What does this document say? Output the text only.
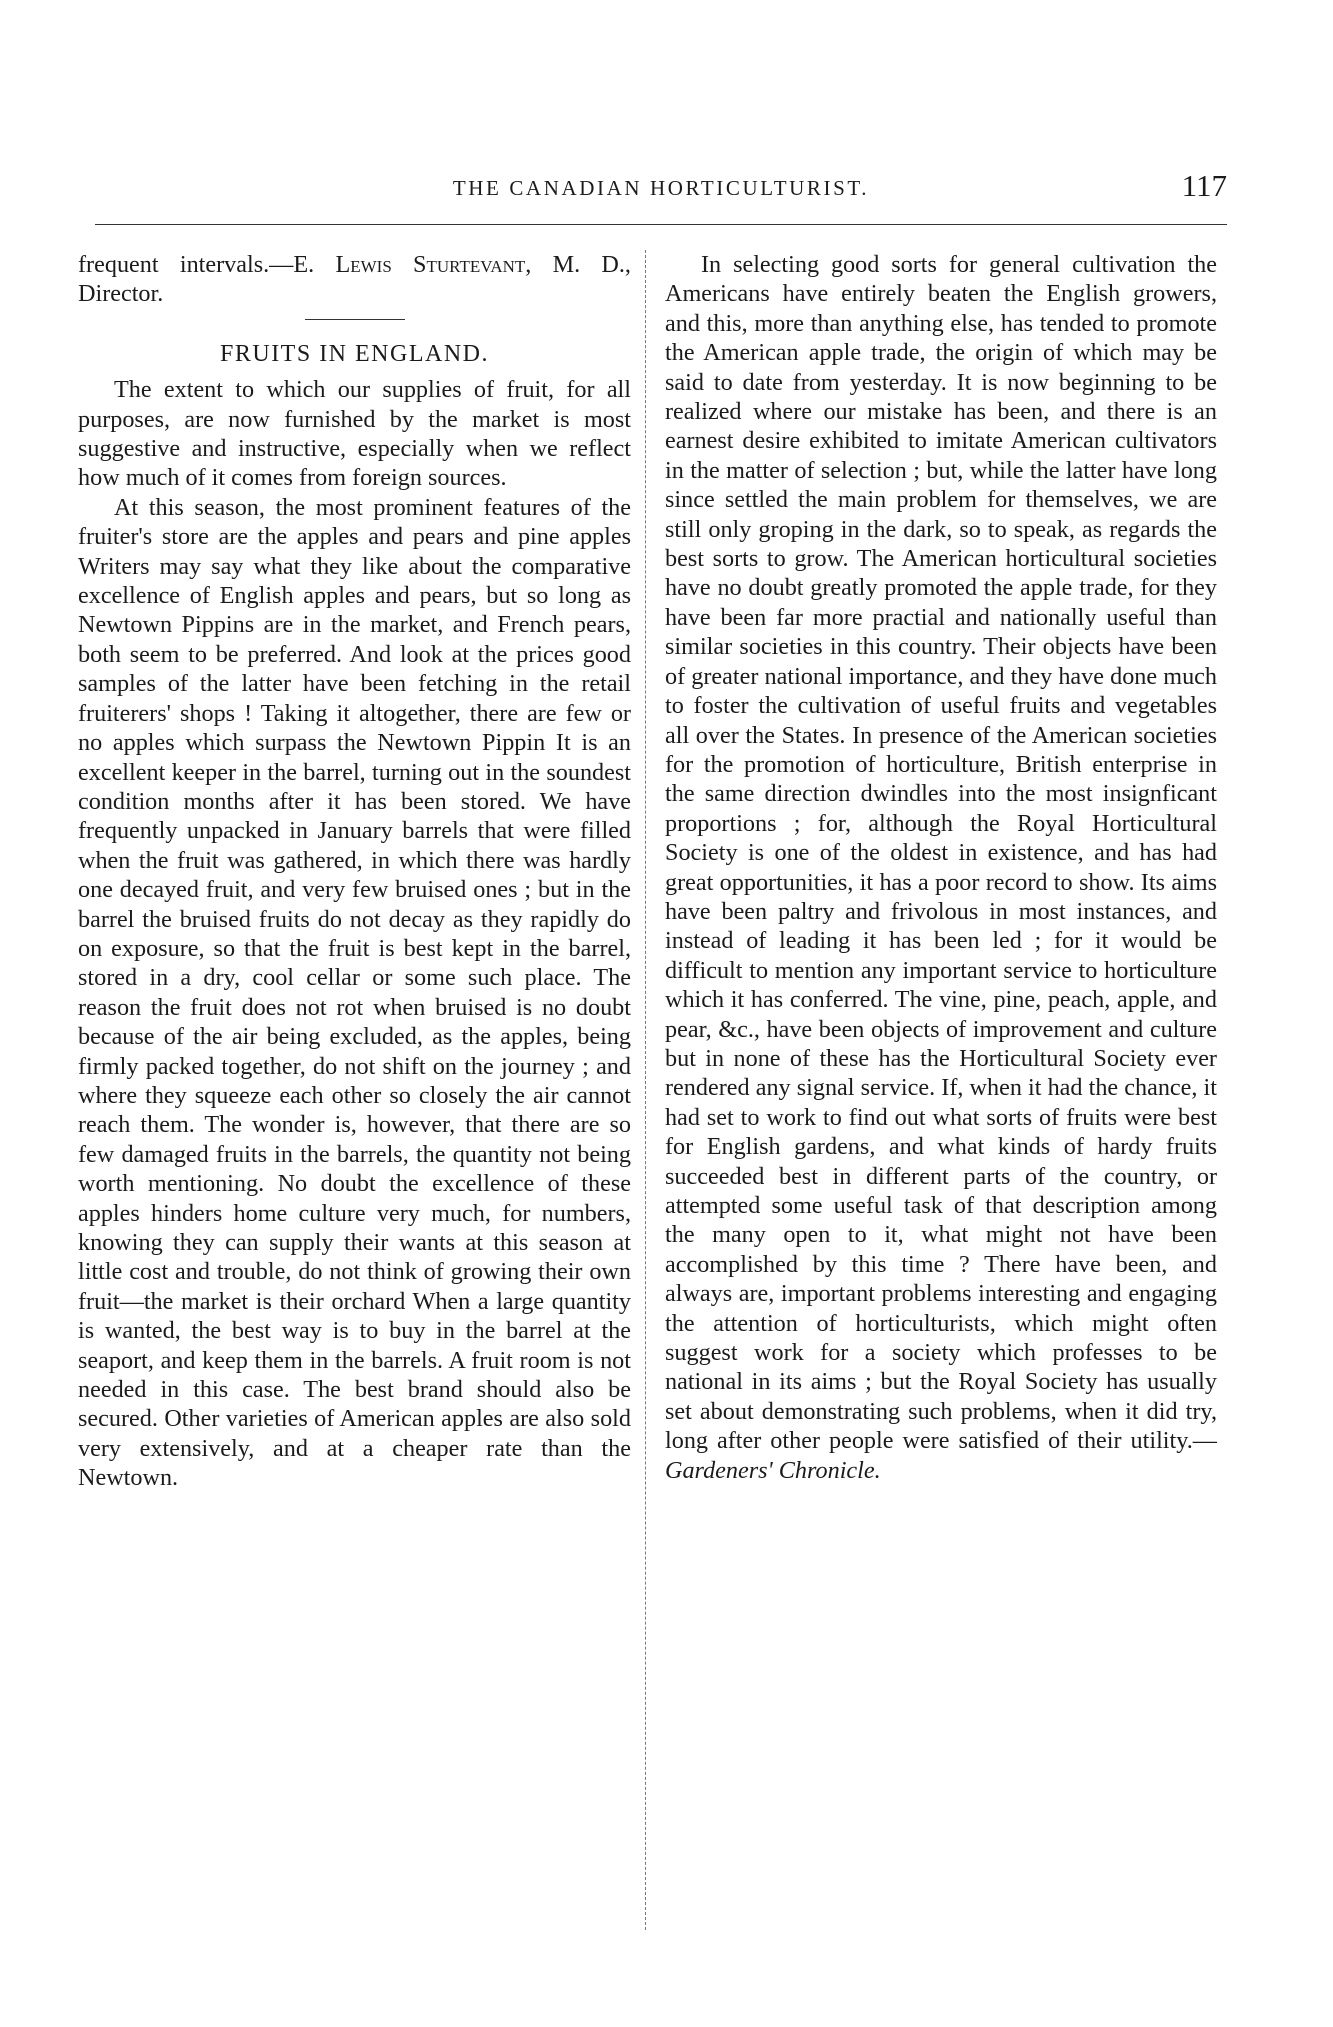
THE CANADIAN HORTICULTURIST.	117

frequent intervals.—E. Lewis Sturtevant, M. D., Director.

FRUITS IN ENGLAND.

The extent to which our supplies of fruit, for all purposes, are now furnished by the market is most suggestive and instructive, especially when we reflect how much of it comes from foreign sources.

At this season, the most prominent features of the fruiter's store are the apples and pears and pine apples Writers may say what they like about the comparative excellence of English apples and pears, but so long as Newtown Pippins are in the market, and French pears, both seem to be preferred. And look at the prices good samples of the latter have been fetching in the retail fruiterers' shops ! Taking it altogether, there are few or no apples which surpass the Newtown Pippin It is an excellent keeper in the barrel, turning out in the soundest condition months after it has been stored. We have frequently unpacked in January barrels that were filled when the fruit was gathered, in which there was hardly one decayed fruit, and very few bruised ones ; but in the barrel the bruised fruits do not decay as they rapidly do on exposure, so that the fruit is best kept in the barrel, stored in a dry, cool cellar or some such place. The reason the fruit does not rot when bruised is no doubt because of the air being excluded, as the apples, being firmly packed together, do not shift on the journey ; and where they squeeze each other so closely the air cannot reach them. The wonder is, however, that there are so few damaged fruits in the barrels, the quantity not being worth mentioning. No doubt the excellence of these apples hinders home culture very much, for numbers, knowing they can supply their wants at this season at little cost and trouble, do not think of growing their own fruit—the market is their orchard When a large quantity is wanted, the best way is to buy in the barrel at the seaport, and keep them in the barrels. A fruit room is not needed in this case. The best brand should also be secured. Other varieties of American apples are also sold very extensively, and at a cheaper rate than the Newtown.

In selecting good sorts for general cultivation the Americans have entirely beaten the English growers, and this, more than anything else, has tended to promote the American apple trade, the origin of which may be said to date from yesterday. It is now beginning to be realized where our mistake has been, and there is an earnest desire exhibited to imitate American cultivators in the matter of selection ; but, while the latter have long since settled the main problem for themselves, we are still only groping in the dark, so to speak, as regards the best sorts to grow. The American horticultural societies have no doubt greatly promoted the apple trade, for they have been far more practial and nationally useful than similar societies in this country. Their objects have been of greater national importance, and they have done much to foster the cultivation of useful fruits and vegetables all over the States. In presence of the American societies for the promotion of horticulture, British enterprise in the same direction dwindles into the most insignficant proportions ; for, although the Royal Horticultural Society is one of the oldest in existence, and has had great opportunities, it has a poor record to show. Its aims have been paltry and frivolous in most instances, and instead of leading it has been led ; for it would be difficult to mention any important service to horticulture which it has conferred. The vine, pine, peach, apple, and pear, &c., have been objects of improvement and culture but in none of these has the Horticultural Society ever rendered any signal service. If, when it had the chance, it had set to work to find out what sorts of fruits were best for English gardens, and what kinds of hardy fruits succeeded best in different parts of the country, or attempted some useful task of that description among the many open to it, what might not have been accomplished by this time ? There have been, and always are, important problems interesting and engaging the attention of horticulturists, which might often suggest work for a society which professes to be national in its aims ; but the Royal Society has usually set about demonstrating such problems, when it did try, long after other people were satisfied of their utility.—Gardeners' Chronicle.
